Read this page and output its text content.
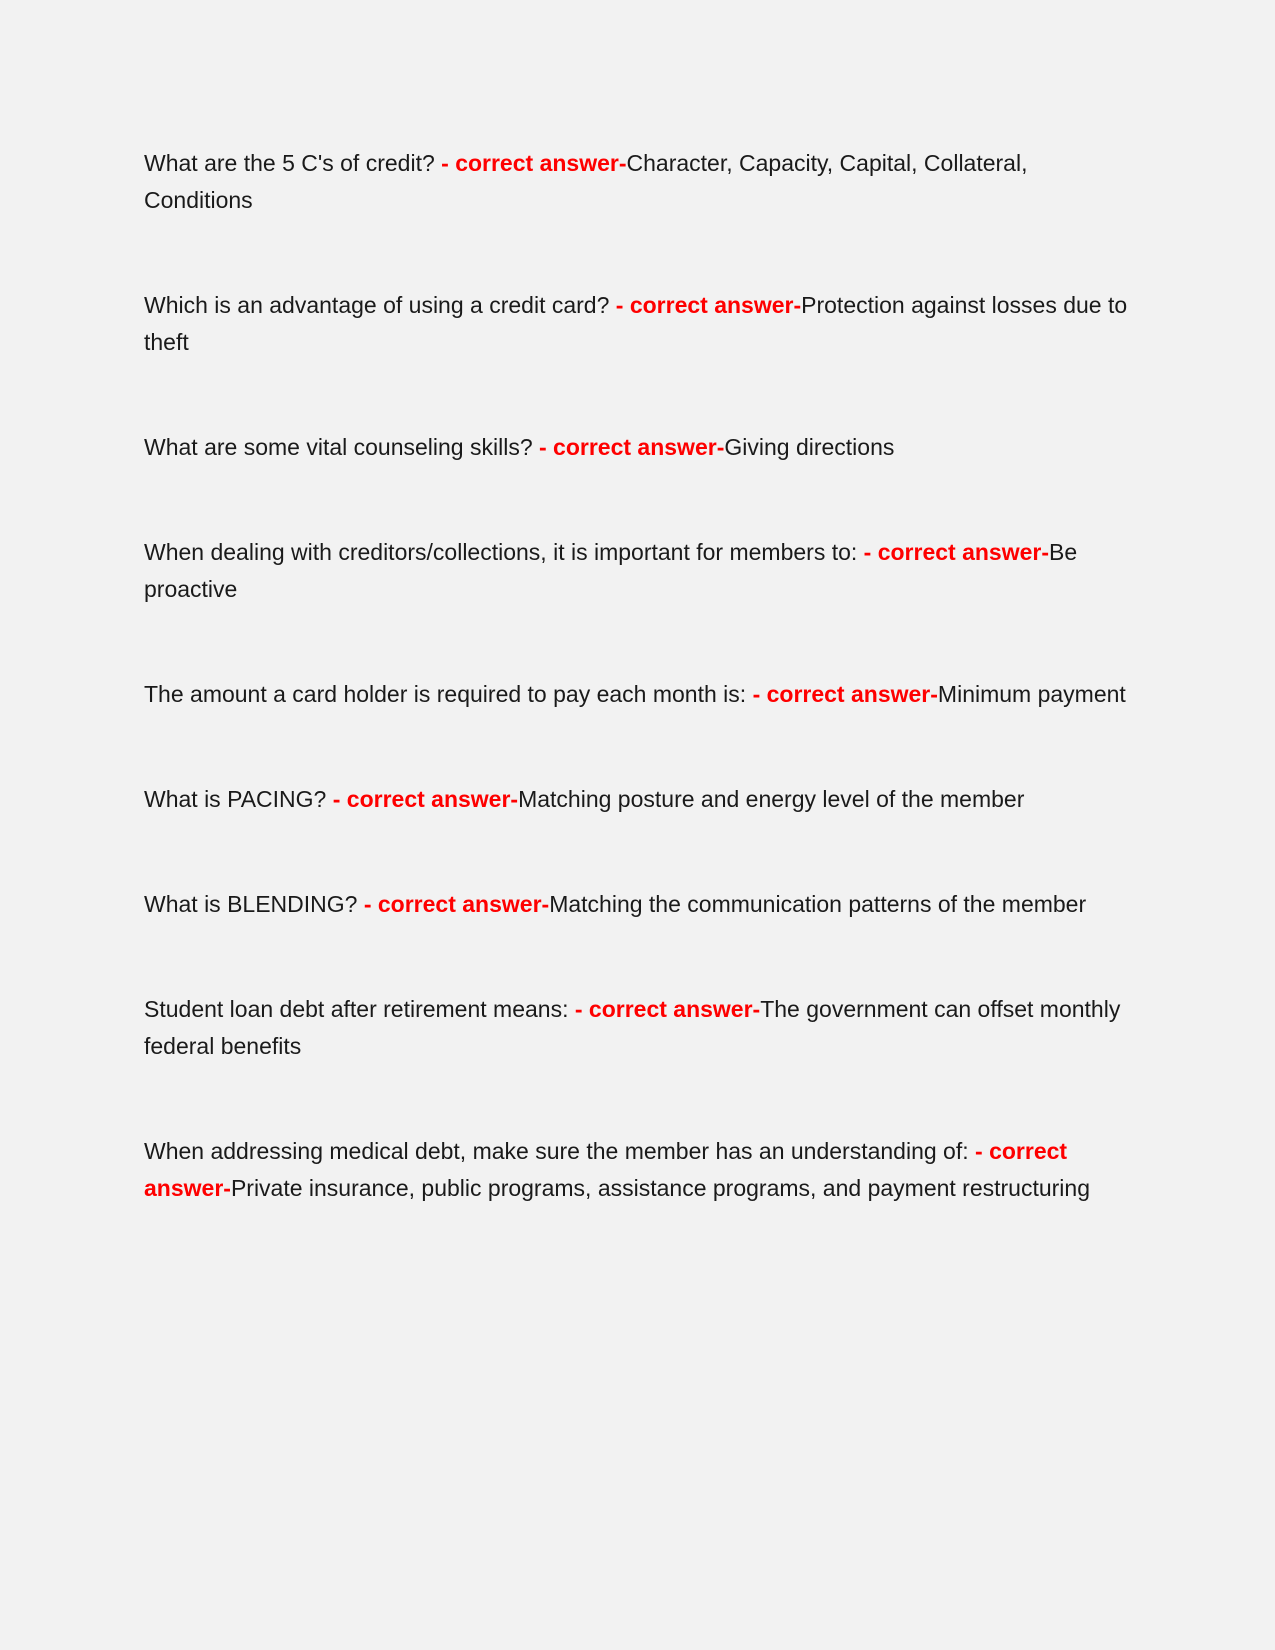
What are the 5 C's of credit? - correct answer-Character, Capacity, Capital, Collateral, Conditions

Which is an advantage of using a credit card? - correct answer-Protection against losses due to theft

What are some vital counseling skills? - correct answer-Giving directions

When dealing with creditors/collections, it is important for members to: - correct answer-Be proactive

The amount a card holder is required to pay each month is: - correct answer-Minimum payment

What is PACING? - correct answer-Matching posture and energy level of the member

What is BLENDING? - correct answer-Matching the communication patterns of the member

Student loan debt after retirement means: - correct answer-The government can offset monthly federal benefits

When addressing medical debt, make sure the member has an understanding of: - correct answer-Private insurance, public programs, assistance programs, and payment restructuring
